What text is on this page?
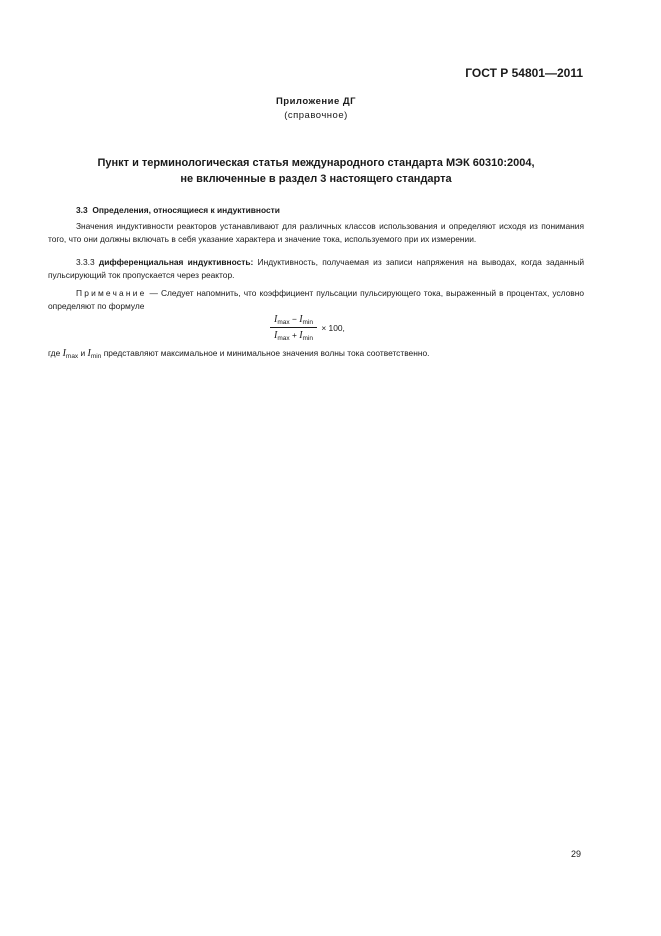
ГОСТ Р 54801—2011
Приложение ДГ
(справочное)
Пункт и терминологическая статья международного стандарта МЭК 60310:2004,
не включенные в раздел 3 настоящего стандарта
3.3 Определения, относящиеся к индуктивности
Значения индуктивности реакторов устанавливают для различных классов использования и определяют исходя из понимания того, что они должны включать в себя указание характера и значение тока, используемого при их измерении.
3.3.3 дифференциальная индуктивность: Индуктивность, получаемая из записи напряжения на выводах, когда заданный пульсирующий ток пропускается через реактор.
Примечание — Следует напомнить, что коэффициент пульсации пульсирующего тока, выраженный в процентах, условно определяют по формуле
$\frac{I_{max} - I_{min}}{I_{max} + I_{min}} \times 100$,
где $I_{max}$ и $I_{min}$ представляют максимальное и минимальное значения волны тока соответственно.
29
